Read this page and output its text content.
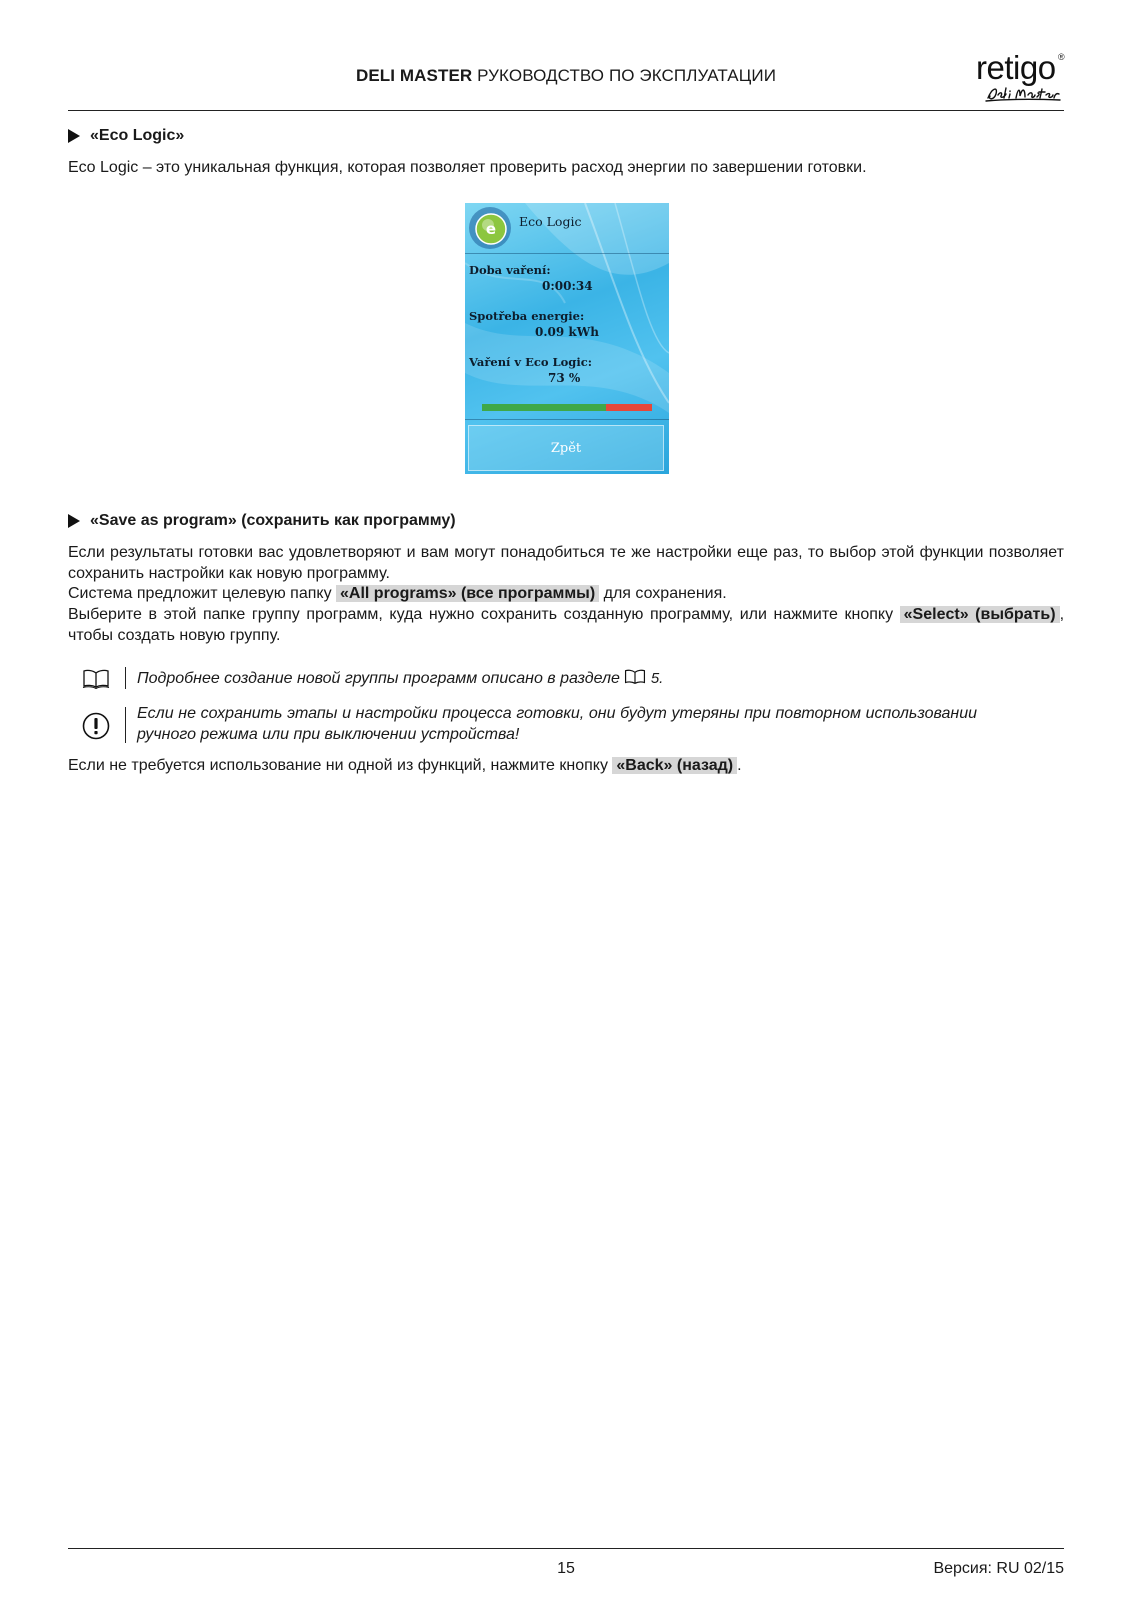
DELI MASTER РУКОВОДСТВО ПО ЭКСПЛУАТАЦИИ	retigo ®
«Eco Logic»
Eco Logic – это уникальная функция, которая позволяет проверить расход энергии по завершении готовки.
e Eco Logic
Doba vaření:
0:00:34
Spotřeba energie:
0.09 kWh
Vaření v Eco Logic:
73 %
Zpět
«Save as program» (сохранить как программу)
Если результаты готовки вас удовлетворяют и вам могут понадобиться те же настройки еще раз, то выбор этой функции позволяет сохранить настройки как новую программу.
Система предложит целевую папку «All programs» (все программы) для сохранения.
Выберите в этой папке группу программ, куда нужно сохранить созданную программу, или нажмите кнопку «Select» (выбрать) , чтобы создать новую группу.
Подробнее создание новой группы программ описано в разделе  5.
Если не сохранить этапы и настройки процесса готовки, они будут утеряны при повторном использовании ручного режима или при выключении устройства!
Если не требуется использование ни одной из функций, нажмите кнопку «Back» (назад) .
15	Версия: RU 02/15
